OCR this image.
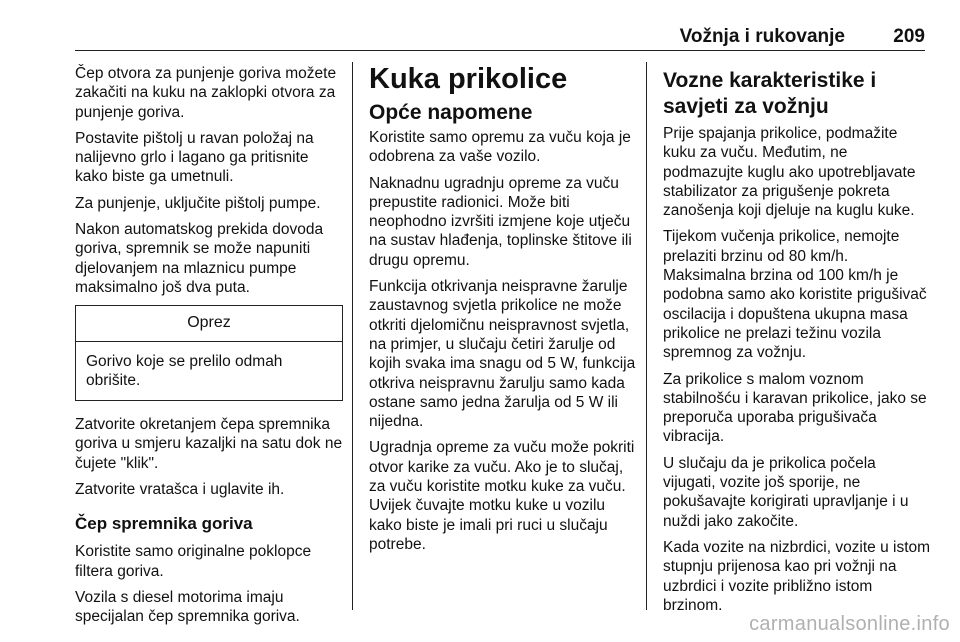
Vožnja i rukovanje	209

Čep otvora za punjenje goriva možete zakačiti na kuku na zaklopki otvora za punjenje goriva.

Postavite pištolj u ravan položaj na nalijevno grlo i lagano ga pritisnite kako biste ga umetnuli.

Za punjenje, uključite pištolj pumpe.

Nakon automatskog prekida dovoda goriva, spremnik se može napuniti djelovanjem na mlaznicu pumpe maksimalno još dva puta.

Oprez
Gorivo koje se prelilo odmah obrišite.

Zatvorite okretanjem čepa spremnika goriva u smjeru kazaljki na satu dok ne čujete "klik".

Zatvorite vratašca i uglavite ih.

Čep spremnika goriva

Koristite samo originalne poklopce filtera goriva.

Vozila s diesel motorima imaju specijalan čep spremnika goriva.

Kuka prikolice
Opće napomene

Koristite samo opremu za vuču koja je odobrena za vaše vozilo.

Naknadnu ugradnju opreme za vuču prepustite radionici. Može biti neophodno izvršiti izmjene koje utječu na sustav hlađenja, toplinske štitove ili drugu opremu.

Funkcija otkrivanja neispravne žarulje zaustavnog svjetla prikolice ne može otkriti djelomičnu neispravnost svjetla, na primjer, u slučaju četiri žarulje od kojih svaka ima snagu od 5 W, funkcija otkriva neispravnu žarulju samo kada ostane samo jedna žarulja od 5 W ili nijedna.

Ugradnja opreme za vuču može pokriti otvor karike za vuču. Ako je to slučaj, za vuču koristite motku kuke za vuču. Uvijek čuvajte motku kuke u vozilu kako biste je imali pri ruci u slučaju potrebe.

Vozne karakteristike i savjeti za vožnju

Prije spajanja prikolice, podmažite kuku za vuču. Međutim, ne podmazujte kuglu ako upotrebljavate stabilizator za prigušenje pokreta zanošenja koji djeluje na kuglu kuke.

Tijekom vučenja prikolice, nemojte prelaziti brzinu od 80 km/h. Maksimalna brzina od 100 km/h je podobna samo ako koristite prigušivač oscilacija i dopuštena ukupna masa prikolice ne prelazi težinu vozila spremnog za vožnju.

Za prikolice s malom voznom stabilnošću i karavan prikolice, jako se preporuča uporaba prigušivača vibracija.

U slučaju da je prikolica počela vijugati, vozite još sporije, ne pokušavajte korigirati upravljanje i u nuždi jako zakočite.

Kada vozite na nizbrdici, vozite u istom stupnju prijenosa kao pri vožnji na uzbrdici i vozite približno istom brzinom.

carmanualsonline.info
